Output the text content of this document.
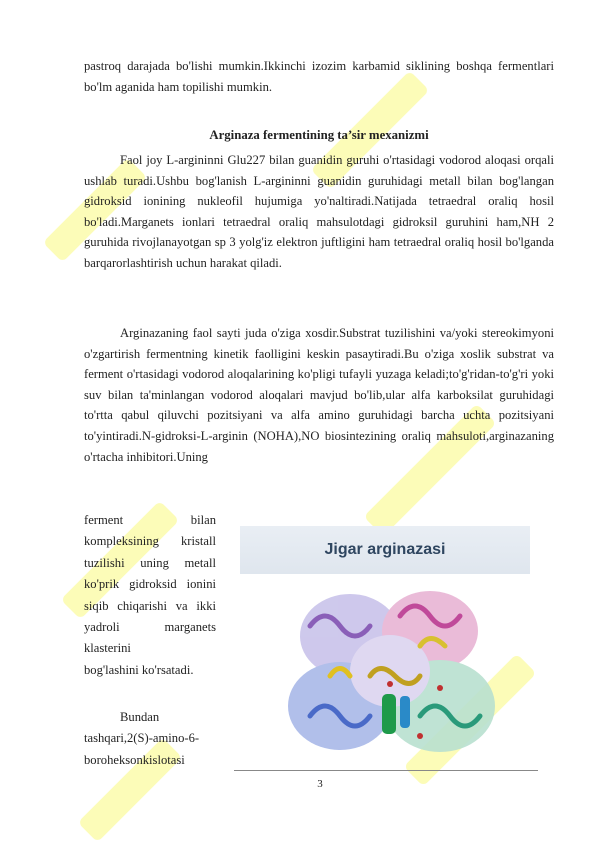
pastroq darajada bo'lishi mumkin.Ikkinchi izozim karbamid siklining boshqa fermentlari bo'lm aganida ham topilishi mumkin.
Arginaza fermentining ta’sir mexanizmi
Faol joy L-argininni Glu227 bilan guanidin guruhi o'rtasidagi vodorod aloqasi orqali ushlab turadi.Ushbu bog'lanish L-argininni guanidin guruhidagi metall bilan bog'langan gidroksid ionining nukleofil hujumiga yo'naltiradi.Natijada tetraedral oraliq hosil bo'ladi.Marganets ionlari tetraedral oraliq mahsulotdagi gidroksil guruhini ham,NH 2 guruhida rivojlanayotgan sp 3 yolg'iz elektron juftligini ham tetraedral oraliq hosil bo'lganda barqarorlashtirish uchun harakat qiladi.
Arginazaning faol sayti juda o'ziga xosdir.Substrat tuzilishini va/yoki stereokimyoni o'zgartirish fermentning kinetik faolligini keskin pasaytiradi.Bu o'ziga xoslik substrat va ferment o'rtasidagi vodorod aloqalarining ko'pligi tufayli yuzaga keladi;to'g'ridan-to'g'ri yoki suv bilan ta'minlangan vodorod aloqalari mavjud bo'lib,ular alfa karboksilat guruhidagi to'rtta qabul qiluvchi pozitsiyani va alfa amino guruhidagi barcha uchta pozitsiyani to'yintiradi.N-gidroksi-L-arginin (NOHA),NO biosintezining oraliq mahsuloti,arginazaning o'rtacha inhibitori.Uning
ferment bilan kompleksining kristall tuzilishi uning metall ko'prik gidroksid ionini siqib chiqarishi va ikki yadroli marganets klasterini
bog'lashini ko'rsatadi.
Bundan tashqari,2(S)-amino-6-boroheksonkislotasi
Jigar arginazasi
3
